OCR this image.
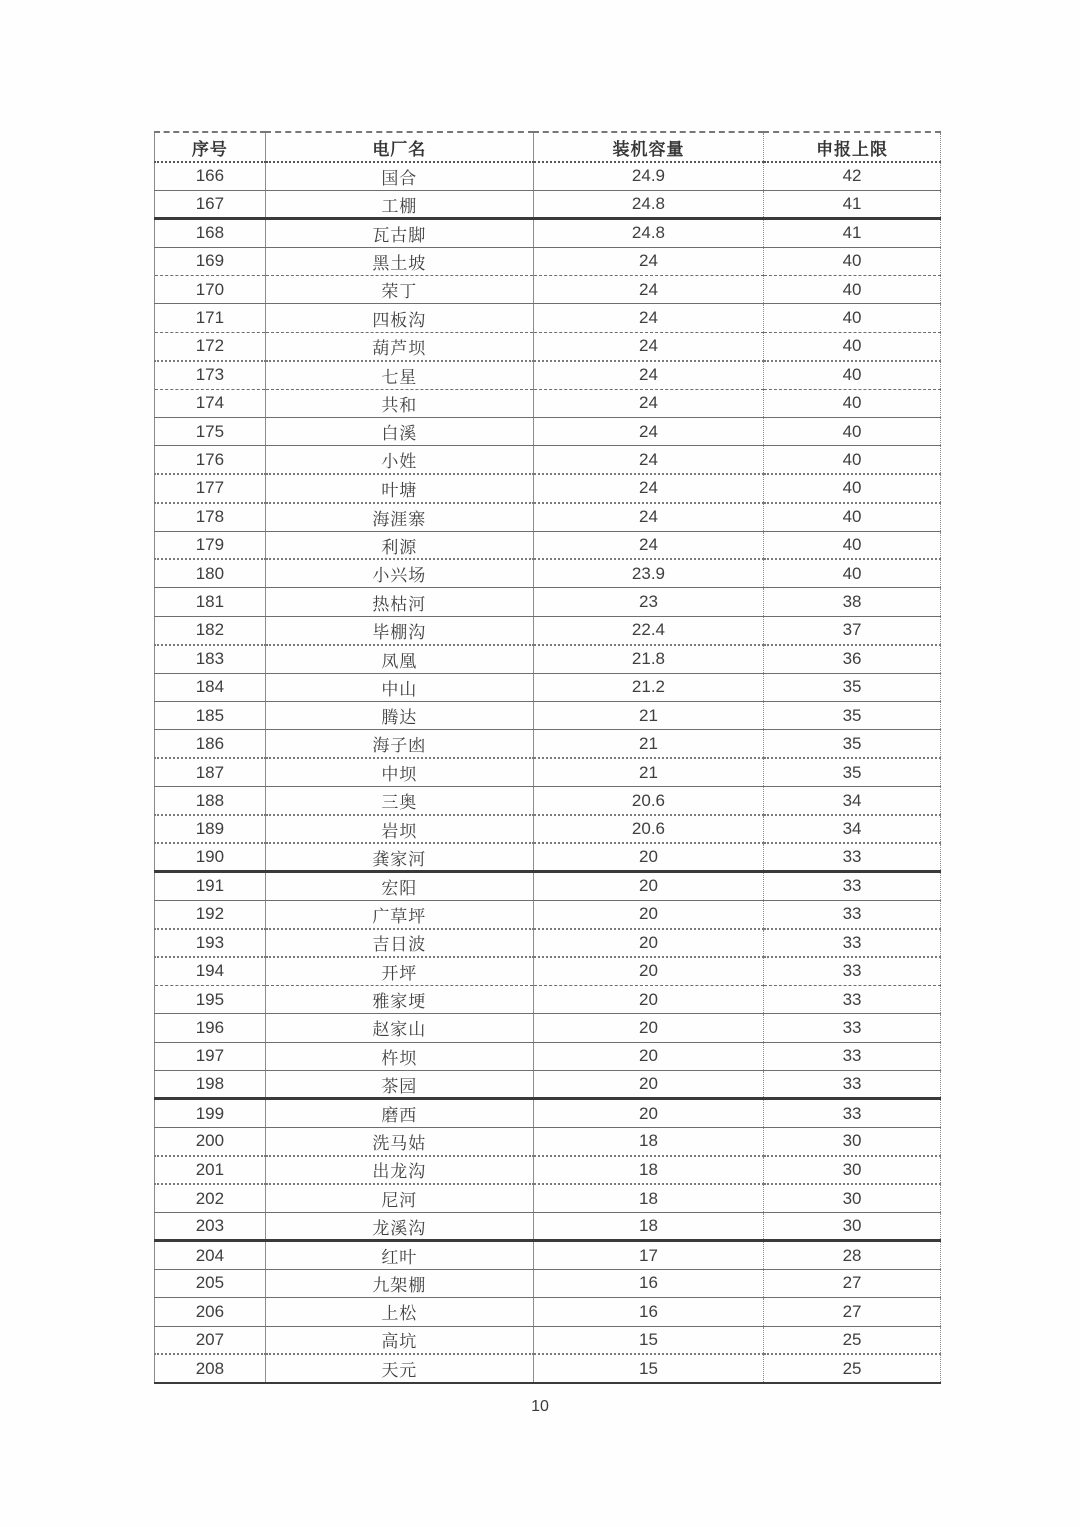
序号	电厂名	装机容量	申报上限
166	国合	24.9	42
167	工棚	24.8	41
168	瓦古脚	24.8	41
169	黑土坡	24	40
170	荣丁	24	40
171	四板沟	24	40
172	葫芦坝	24	40
173	七星	24	40
174	共和	24	40
175	白溪	24	40
176	小姓	24	40
177	叶塘	24	40
178	海涯寨	24	40
179	利源	24	40
180	小兴场	23.9	40
181	热枯河	23	38
182	毕棚沟	22.4	37
183	凤凰	21.8	36
184	中山	21.2	35
185	腾达	21	35
186	海子凼	21	35
187	中坝	21	35
188	三奥	20.6	34
189	岩坝	20.6	34
190	龚家河	20	33
191	宏阳	20	33
192	广草坪	20	33
193	吉日波	20	33
194	开坪	20	33
195	雅家埂	20	33
196	赵家山	20	33
197	杵坝	20	33
198	茶园	20	33
199	磨西	20	33
200	洗马姑	18	30
201	出龙沟	18	30
202	尼河	18	30
203	龙溪沟	18	30
204	红叶	17	28
205	九架棚	16	27
206	上松	16	27
207	高坑	15	25
208	天元	15	25
10
